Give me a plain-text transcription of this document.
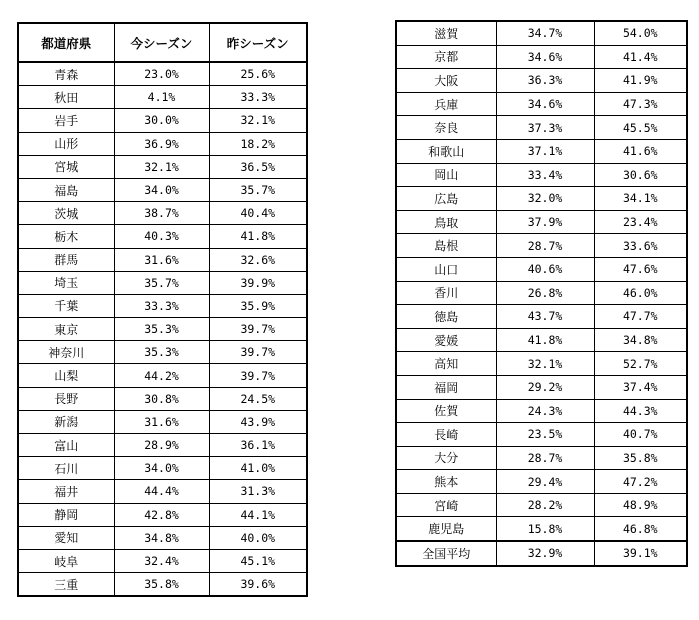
都道府県	今シーズン	昨シーズン
青森	23.0%	25.6%
秋田	4.1%	33.3%
岩手	30.0%	32.1%
山形	36.9%	18.2%
宮城	32.1%	36.5%
福島	34.0%	35.7%
茨城	38.7%	40.4%
栃木	40.3%	41.8%
群馬	31.6%	32.6%
埼玉	35.7%	39.9%
千葉	33.3%	35.9%
東京	35.3%	39.7%
神奈川	35.3%	39.7%
山梨	44.2%	39.7%
長野	30.8%	24.5%
新潟	31.6%	43.9%
富山	28.9%	36.1%
石川	34.0%	41.0%
福井	44.4%	31.3%
静岡	42.8%	44.1%
愛知	34.8%	40.0%
岐阜	32.4%	45.1%
三重	35.8%	39.6%
滋賀	34.7%	54.0%
京都	34.6%	41.4%
大阪	36.3%	41.9%
兵庫	34.6%	47.3%
奈良	37.3%	45.5%
和歌山	37.1%	41.6%
岡山	33.4%	30.6%
広島	32.0%	34.1%
鳥取	37.9%	23.4%
島根	28.7%	33.6%
山口	40.6%	47.6%
香川	26.8%	46.0%
徳島	43.7%	47.7%
愛媛	41.8%	34.8%
高知	32.1%	52.7%
福岡	29.2%	37.4%
佐賀	24.3%	44.3%
長崎	23.5%	40.7%
大分	28.7%	35.8%
熊本	29.4%	47.2%
宮崎	28.2%	48.9%
鹿児島	15.8%	46.8%
全国平均	32.9%	39.1%
